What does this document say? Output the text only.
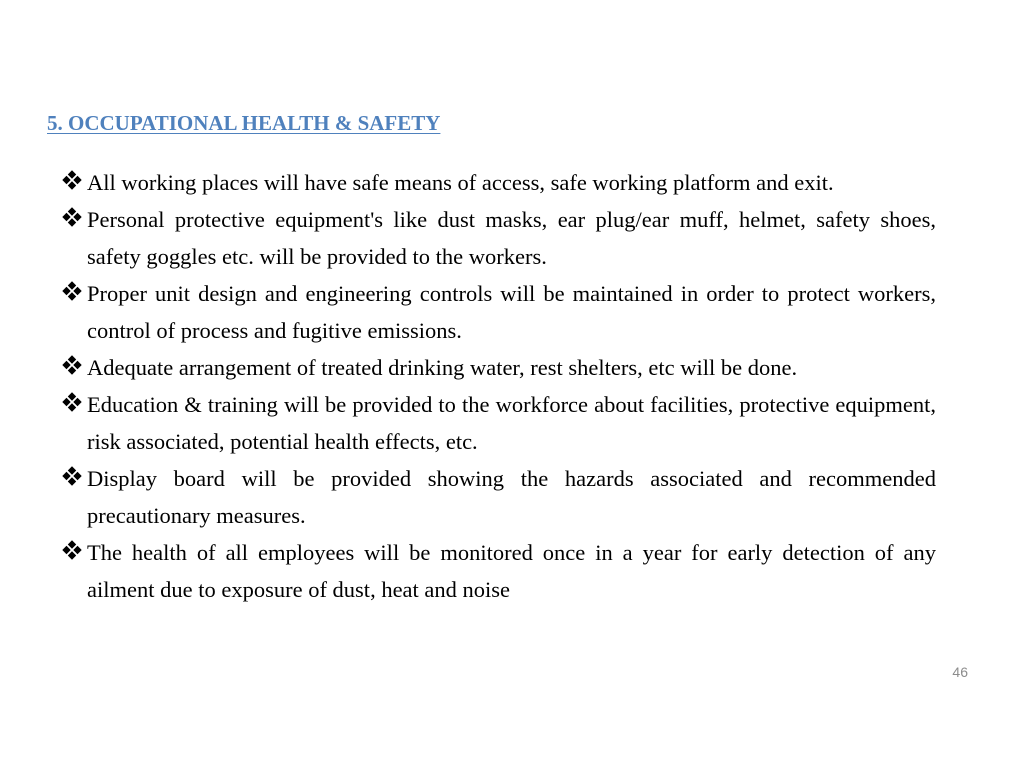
5. OCCUPATIONAL HEALTH & SAFETY
All working places will have safe means of access, safe working platform and exit.
Personal protective equipment's like dust masks, ear plug/ear muff, helmet, safety shoes, safety goggles etc. will be provided to the workers.
Proper unit design and engineering controls will be maintained in order to protect workers, control of process and fugitive emissions.
Adequate arrangement of treated drinking water, rest shelters, etc will be done.
Education & training will be provided to the workforce about facilities, protective equipment, risk associated, potential health effects, etc.
Display board will be provided showing the hazards associated and recommended precautionary measures.
The health of all employees will be monitored once in a year for early detection of any ailment due to exposure of dust, heat and noise
46
